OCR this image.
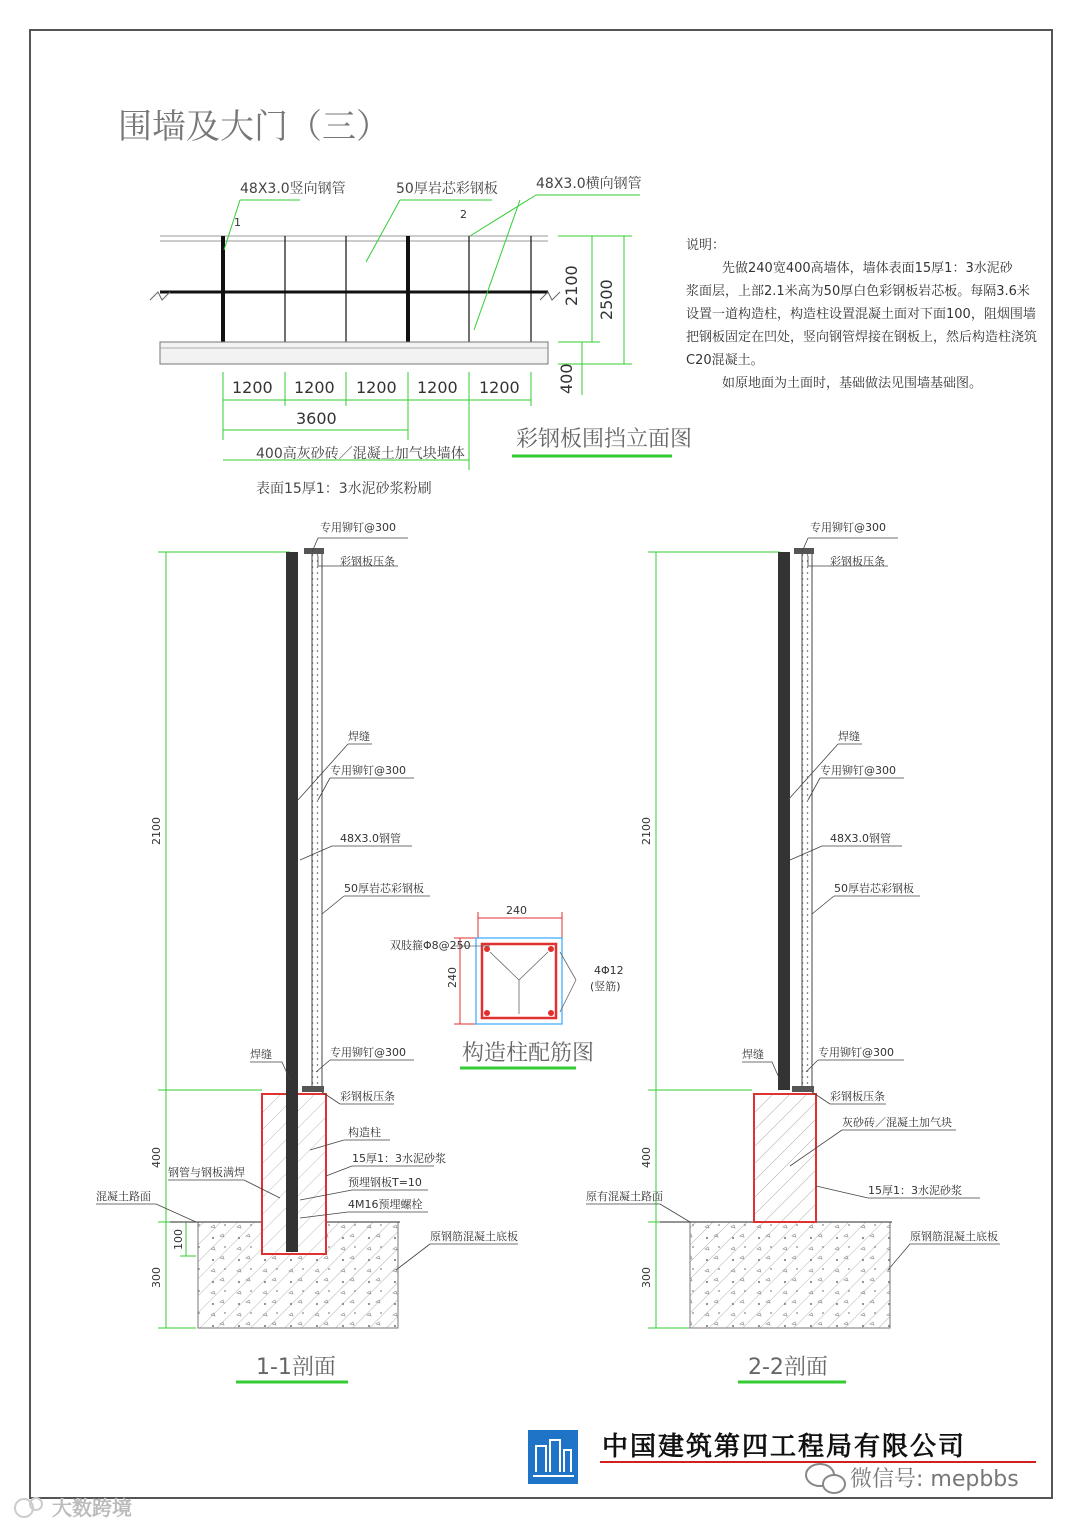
围墙及大门（三）
48X3.0竖向钢管	50厚岩芯彩钢板	48X3.0横向钢管
1
2
1200 1200 1200 1200 1200
3600
2100 2500
400
400高灰砂砖／混凝土加气块墙体
表面15厚1：3水泥砂浆粉刷
彩钢板围挡立面图
说明：
先做240宽400高墙体，墙体表面15厚1：3水泥砂
浆面层，上部2.1米高为50厚白色彩钢板岩芯板。每隔3.6米
设置一道构造柱，构造柱设置混凝土面对下面100，阻烟围墙
把钢板固定在凹处，竖向钢管焊接在钢板上，然后构造柱浇筑
C20混凝土。
如原地面为土面时，基础做法见围墙基础图。
2100
400
300
100
专用铆钉@300
彩钢板压条
焊缝
专用铆钉@300
48X3.0钢管
50厚岩芯彩钢板
焊缝	专用铆钉@300
彩钢板压条
构造柱
15厚1：3水泥砂浆
预埋钢板T=10
4M16预埋螺栓
钢管与钢板满焊
混凝土路面
原钢筋混凝土底板
1-1剖面
240
240
双肢箍Φ8@250
4Φ12
(竖筋)
构造柱配筋图
2100
400
300
专用铆钉@300
彩钢板压条
焊缝
专用铆钉@300
48X3.0钢管
50厚岩芯彩钢板
焊缝	专用铆钉@300
彩钢板压条
灰砂砖／混凝土加气块
15厚1：3水泥砂浆
原有混凝土路面
原钢筋混凝土底板
2-2剖面
中国建筑第四工程局有限公司
微信号: mepbbs
大数跨境
